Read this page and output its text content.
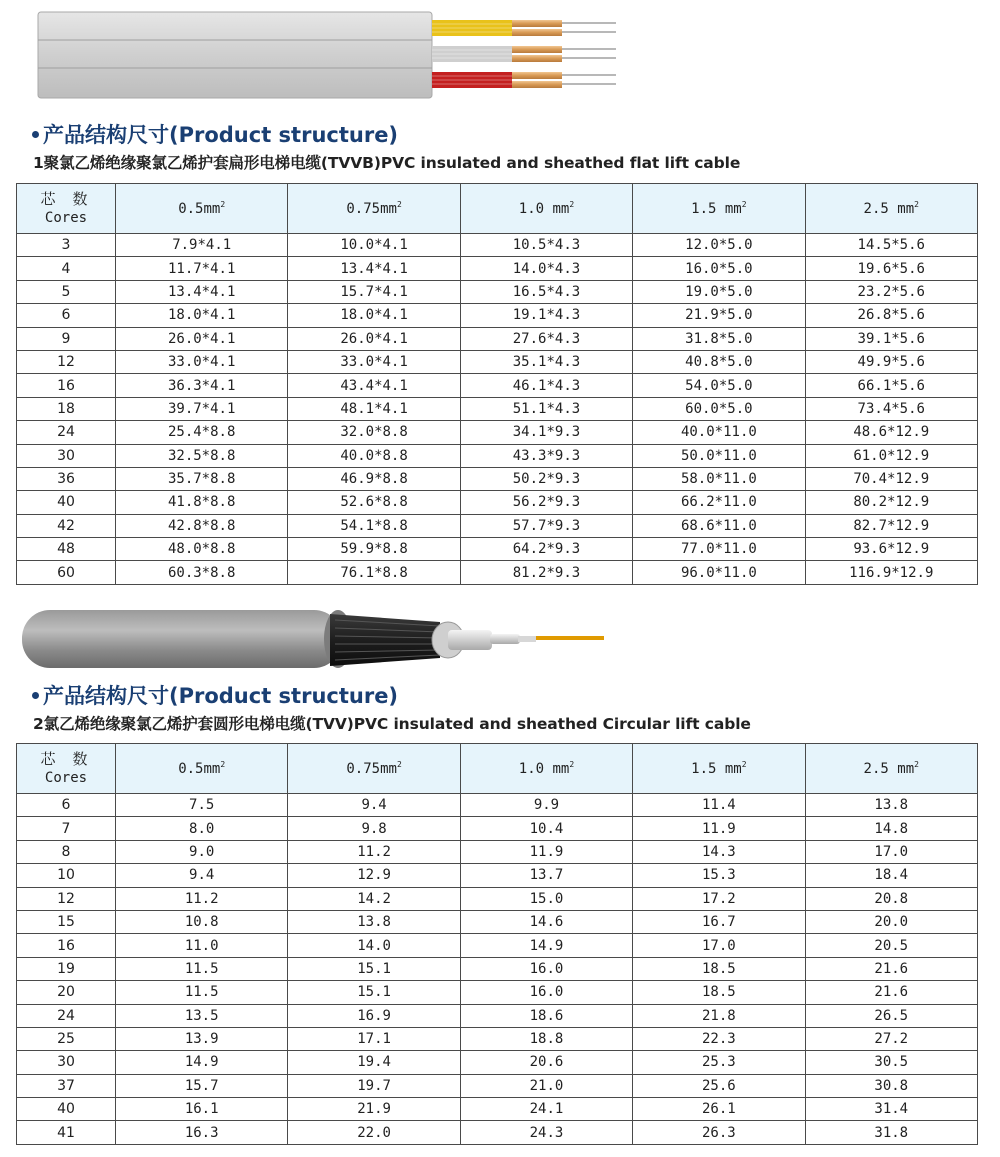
产品结构尺寸(Product structure)

1聚氯乙烯绝缘聚氯乙烯护套扁形电梯电缆(TVVB)PVC insulated and sheathed flat lift cable

芯 数
Cores	$0.5mm^2$	$0.75mm^2$	1.0 $mm^2$	1.5 $mm^2$	2.5 $mm^2$
3	7.9*4.1	10.0*4.1	10.5*4.3	12.0*5.0	14.5*5.6
4	11.7*4.1	13.4*4.1	14.0*4.3	16.0*5.0	19.6*5.6
5	13.4*4.1	15.7*4.1	16.5*4.3	19.0*5.0	23.2*5.6
6	18.0*4.1	18.0*4.1	19.1*4.3	21.9*5.0	26.8*5.6
9	26.0*4.1	26.0*4.1	27.6*4.3	31.8*5.0	39.1*5.6
12	33.0*4.1	33.0*4.1	35.1*4.3	40.8*5.0	49.9*5.6
16	36.3*4.1	43.4*4.1	46.1*4.3	54.0*5.0	66.1*5.6
18	39.7*4.1	48.1*4.1	51.1*4.3	60.0*5.0	73.4*5.6
24	25.4*8.8	32.0*8.8	34.1*9.3	40.0*11.0	48.6*12.9
30	32.5*8.8	40.0*8.8	43.3*9.3	50.0*11.0	61.0*12.9
36	35.7*8.8	46.9*8.8	50.2*9.3	58.0*11.0	70.4*12.9
40	41.8*8.8	52.6*8.8	56.2*9.3	66.2*11.0	80.2*12.9
42	42.8*8.8	54.1*8.8	57.7*9.3	68.6*11.0	82.7*12.9
48	48.0*8.8	59.9*8.8	64.2*9.3	77.0*11.0	93.6*12.9
60	60.3*8.8	76.1*8.8	81.2*9.3	96.0*11.0	116.9*12.9
产品结构尺寸(Product structure)

2氯乙烯绝缘聚氯乙烯护套圆形电梯电缆(TVV)PVC insulated and sheathed Circular lift cable

芯 数
Cores	$0.5mm^2$	$0.75mm^2$	1.0 $mm^2$	1.5 $mm^2$	2.5 $mm^2$
6	7.5	9.4	9.9	11.4	13.8
7	8.0	9.8	10.4	11.9	14.8
8	9.0	11.2	11.9	14.3	17.0
10	9.4	12.9	13.7	15.3	18.4
12	11.2	14.2	15.0	17.2	20.8
15	10.8	13.8	14.6	16.7	20.0
16	11.0	14.0	14.9	17.0	20.5
19	11.5	15.1	16.0	18.5	21.6
20	11.5	15.1	16.0	18.5	21.6
24	13.5	16.9	18.6	21.8	26.5
25	13.9	17.1	18.8	22.3	27.2
30	14.9	19.4	20.6	25.3	30.5
37	15.7	19.7	21.0	25.6	30.8
40	16.1	21.9	24.1	26.1	31.4
41	16.3	22.0	24.3	26.3	31.8
